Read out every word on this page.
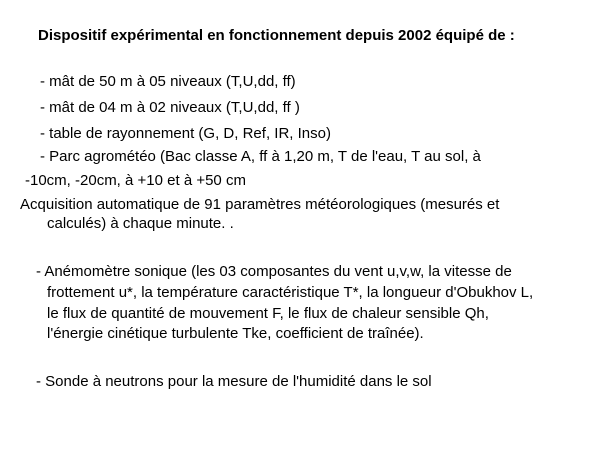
Dispositif expérimental en fonctionnement depuis 2002 équipé de :
- mât de 50 m à 05 niveaux (T,U,dd, ff)
- mât de 04 m à 02 niveaux (T,U,dd, ff )
- table de rayonnement (G, D, Ref, IR, Inso)
- Parc agrométéo (Bac classe A, ff à 1,20 m, T de l'eau, T au sol, à
-10cm, -20cm, à +10 et à +50 cm
Acquisition automatique de 91 paramètres météorologiques (mesurés et
calculés) à chaque minute. .
- Anémomètre sonique (les 03 composantes du vent u,v,w, la vitesse de
frottement u*, la température caractéristique T*, la longueur d'Obukhov L,
le flux de quantité de mouvement F, le flux de chaleur sensible Qh,
l'énergie cinétique turbulente Tke, coefficient de traînée).
- Sonde à neutrons pour la mesure de l'humidité dans le sol
